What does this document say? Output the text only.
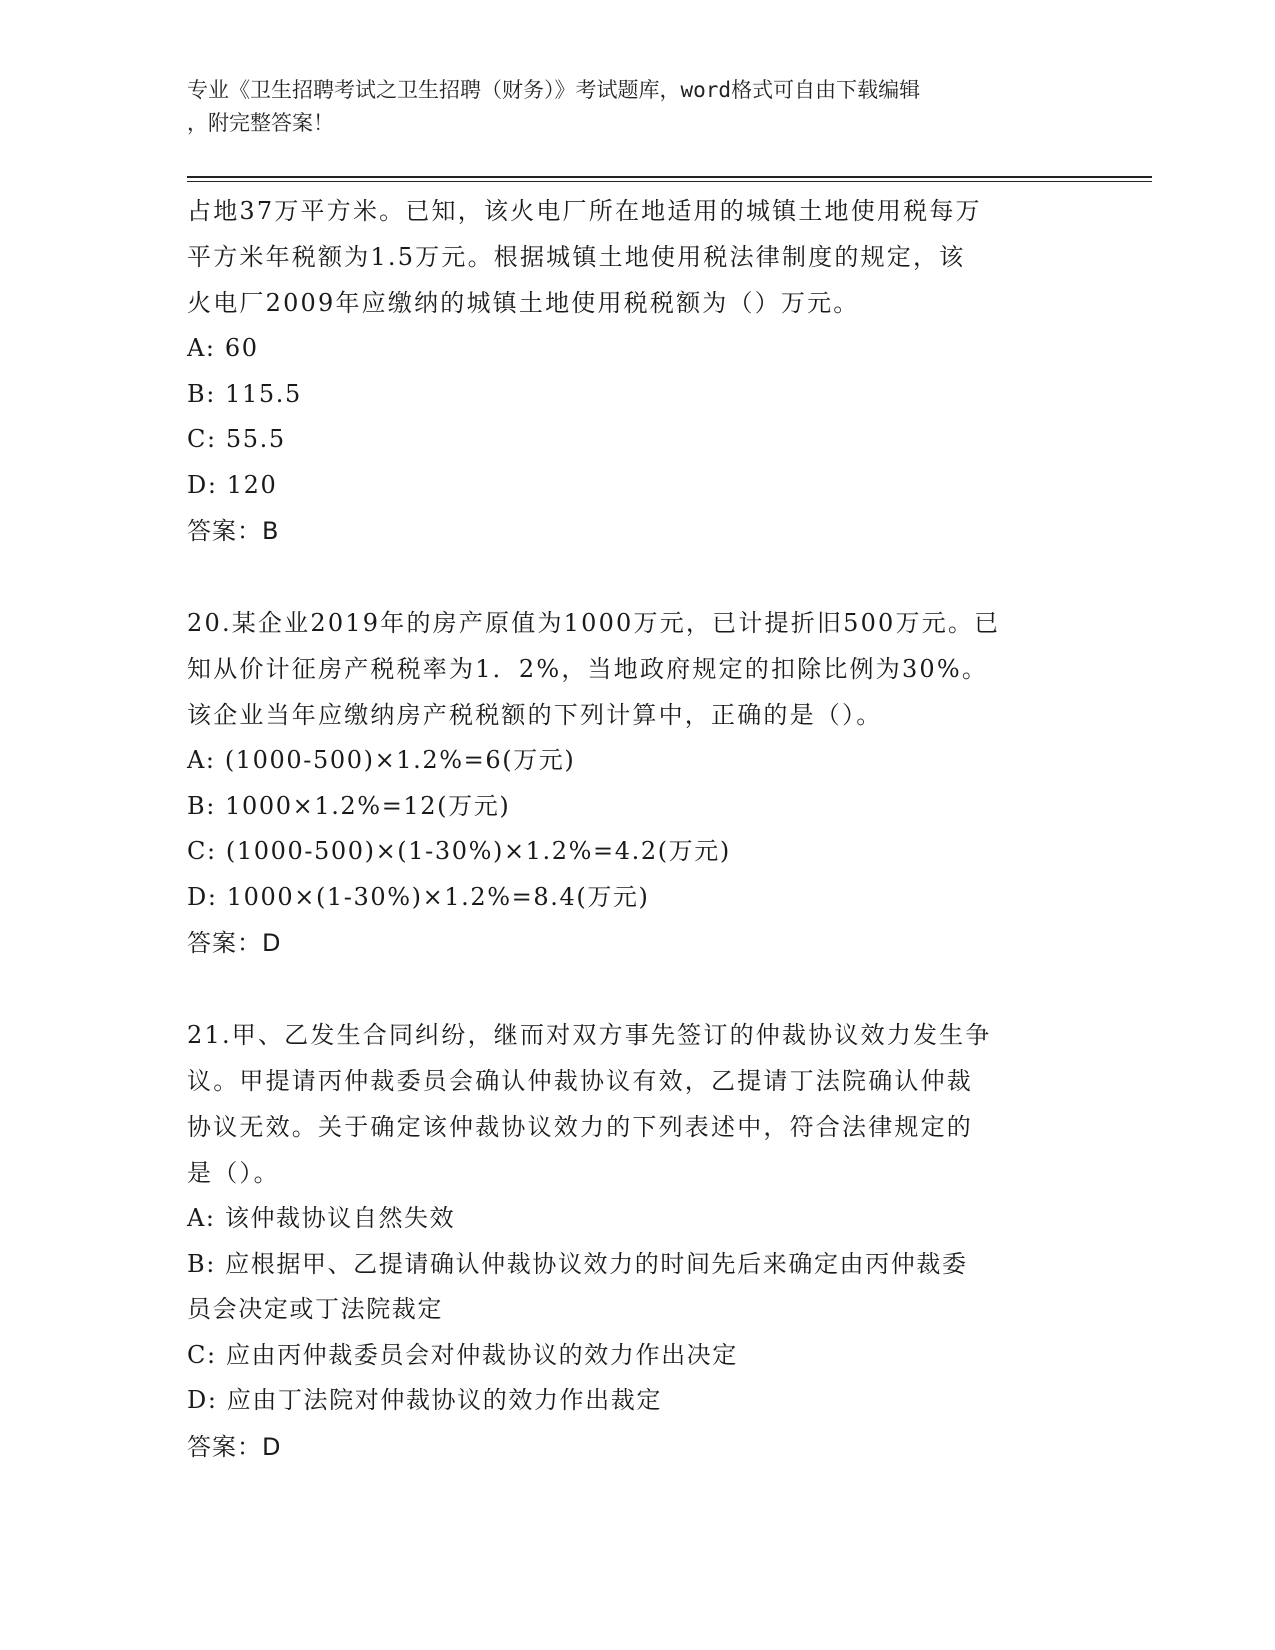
专业《卫生招聘考试之卫生招聘（财务）》考试题库，word格式可自由下载编辑
，附完整答案！

占地37万平方米。已知，该火电厂所在地适用的城镇土地使用税每万

平方米年税额为1.5万元。根据城镇土地使用税法律制度的规定，该

火电厂2009年应缴纳的城镇土地使用税税额为（）万元。

A: 60

B: 115.5

C: 55.5

D: 120

答案：B

20.某企业2019年的房产原值为1000万元，已计提折旧500万元。已

知从价计征房产税税率为1．2%，当地政府规定的扣除比例为30%。

该企业当年应缴纳房产税税额的下列计算中，正确的是（）。

A: (1000-500)×1.2%=6(万元)

B: 1000×1.2%=12(万元)

C: (1000-500)×(1-30%)×1.2%=4.2(万元)

D: 1000×(1-30%)×1.2%=8.4(万元)

答案：D

21.甲、乙发生合同纠纷，继而对双方事先签订的仲裁协议效力发生争

议。甲提请丙仲裁委员会确认仲裁协议有效，乙提请丁法院确认仲裁

协议无效。关于确定该仲裁协议效力的下列表述中，符合法律规定的

是（）。

A: 该仲裁协议自然失效

B: 应根据甲、乙提请确认仲裁协议效力的时间先后来确定由丙仲裁委

员会决定或丁法院裁定

C: 应由丙仲裁委员会对仲裁协议的效力作出决定

D: 应由丁法院对仲裁协议的效力作出裁定

答案：D
